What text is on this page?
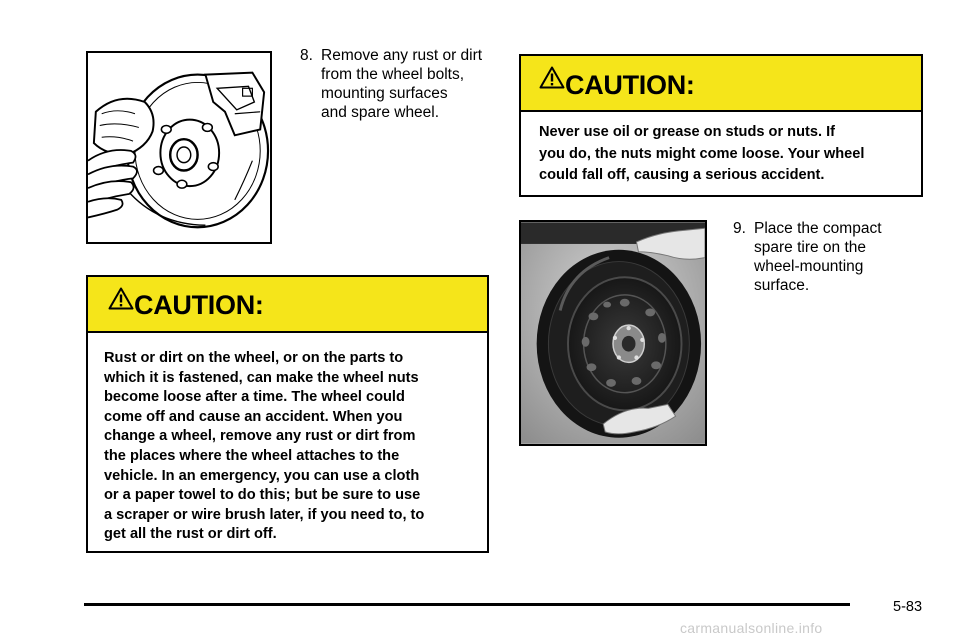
8. Remove any rust or dirt
from the wheel bolts,
mounting surfaces
and spare wheel.
CAUTION:
Rust or dirt on the wheel, or on the parts to
which it is fastened, can make the wheel nuts
become loose after a time. The wheel could
come off and cause an accident. When you
change a wheel, remove any rust or dirt from
the places where the wheel attaches to the
vehicle. In an emergency, you can use a cloth
or a paper towel to do this; but be sure to use
a scraper or wire brush later, if you need to, to
get all the rust or dirt off.
CAUTION:
Never use oil or grease on studs or nuts. If
you do, the nuts might come loose. Your wheel
could fall off, causing a serious accident.
9. Place the compact
spare tire on the
wheel-mounting
surface.
5-83
carmanualsonline.info
